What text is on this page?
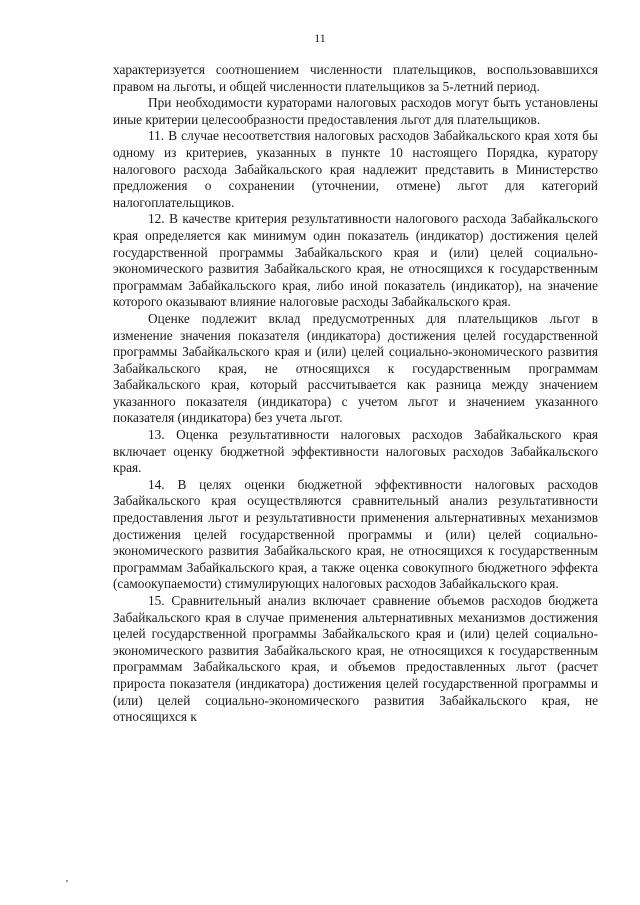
11

характеризуется соотношением численности плательщиков, воспользовавшихся правом на льготы, и общей численности плательщиков за 5-летний период.

При необходимости кураторами налоговых расходов могут быть установлены иные критерии целесообразности предоставления льгот для плательщиков.

11. В случае несоответствия налоговых расходов Забайкальского края хотя бы одному из критериев, указанных в пункте 10 настоящего Порядка, куратору налогового расхода Забайкальского края надлежит представить в Министерство предложения о сохранении (уточнении, отмене) льгот для категорий налогоплательщиков.

12. В качестве критерия результативности налогового расхода Забайкальского края определяется как минимум один показатель (индикатор) достижения целей государственной программы Забайкальского края и (или) целей социально-экономического развития Забайкальского края, не относящихся к государственным программам Забайкальского края, либо иной показатель (индикатор), на значение которого оказывают влияние налоговые расходы Забайкальского края.

Оценке подлежит вклад предусмотренных для плательщиков льгот в изменение значения показателя (индикатора) достижения целей государственной программы Забайкальского края и (или) целей социально-экономического развития Забайкальского края, не относящихся к государственным программам Забайкальского края, который рассчитывается как разница между значением указанного показателя (индикатора) с учетом льгот и значением указанного показателя (индикатора) без учета льгот.

13. Оценка результативности налоговых расходов Забайкальского края включает оценку бюджетной эффективности налоговых расходов Забайкальского края.

14. В целях оценки бюджетной эффективности налоговых расходов Забайкальского края осуществляются сравнительный анализ результативности предоставления льгот и результативности применения альтернативных механизмов достижения целей государственной программы и (или) целей социально-экономического развития Забайкальского края, не относящихся к государственным программам Забайкальского края, а также оценка совокупного бюджетного эффекта (самоокупаемости) стимулирующих налоговых расходов Забайкальского края.

15. Сравнительный анализ включает сравнение объемов расходов бюджета Забайкальского края в случае применения альтернативных механизмов достижения целей государственной программы Забайкальского края и (или) целей социально-экономического развития Забайкальского края, не относящихся к государственным программам Забайкальского края, и объемов предоставленных льгот (расчет прироста показателя (индикатора) достижения целей государственной программы и (или) целей социально-экономического развития Забайкальского края, не относящихся к
